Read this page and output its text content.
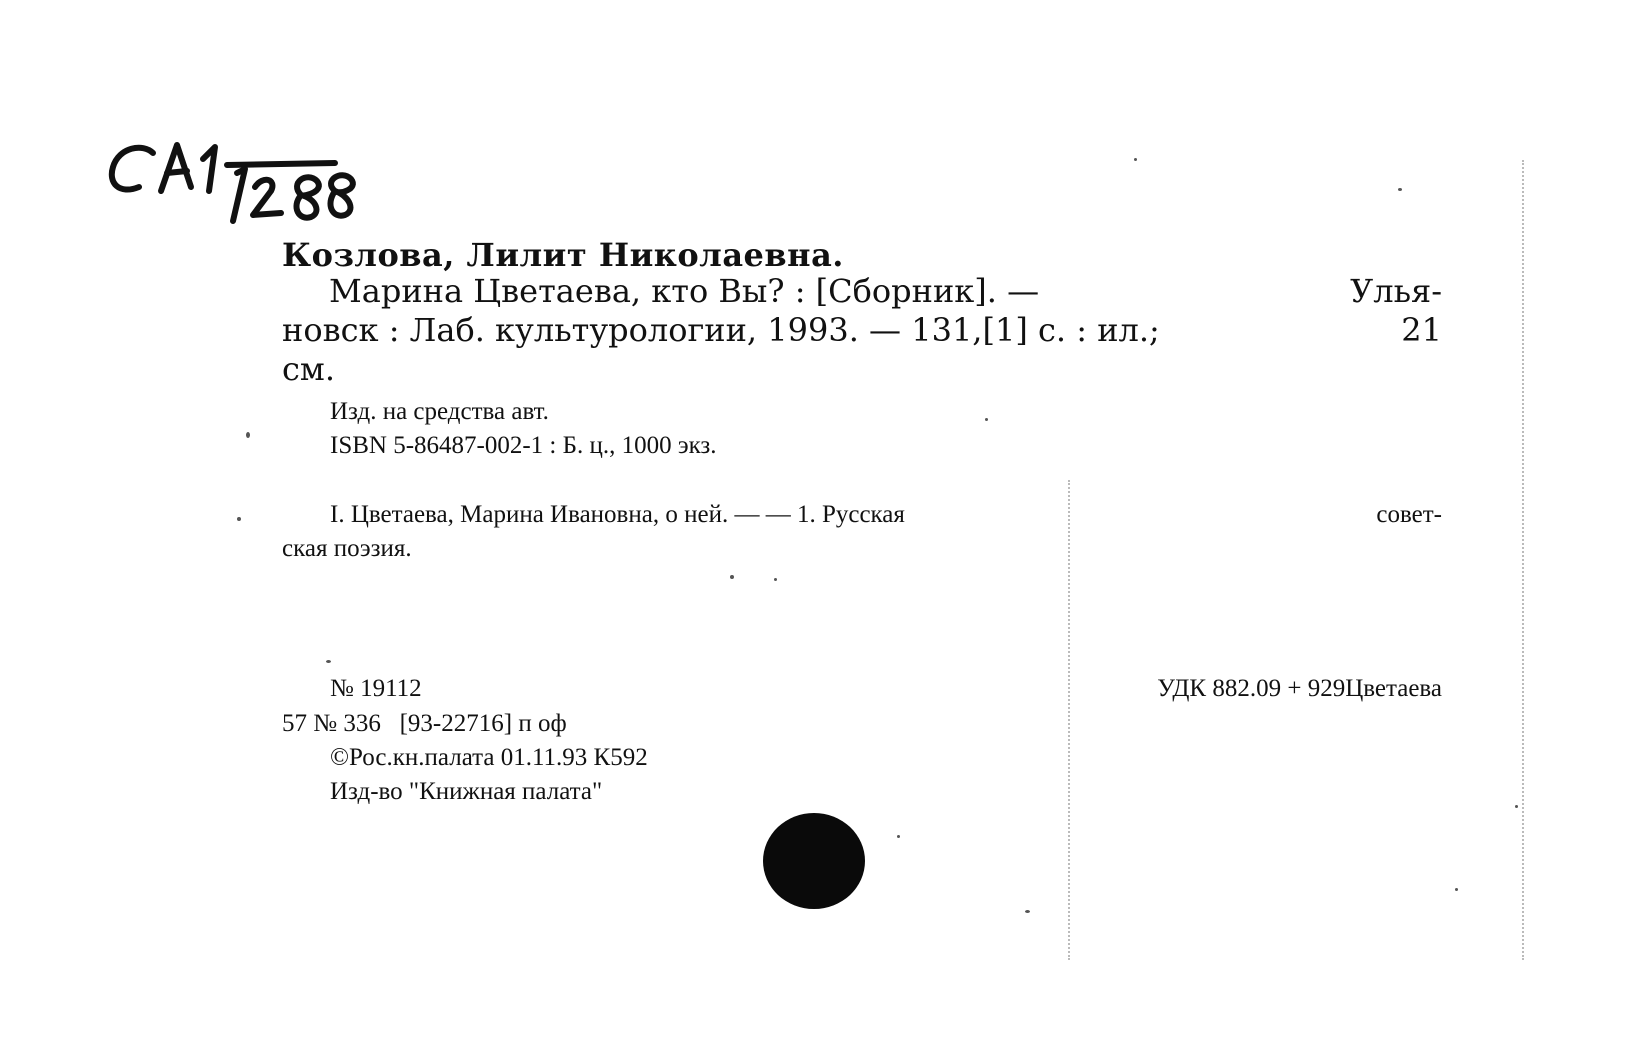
Козлова, Лилит Николаевна.
Марина Цветаева, кто Вы? : [Сборник]. —	Улья-
новск : Лаб. культурологии, 1993. — 131,[1] с. : ил.;	21
см.
Изд. на средства авт.
ISBN 5-86487-002-1 : Б. ц., 1000 экз.
I. Цветаева, Марина Ивановна, о ней. — — 1. Русская	совет-
ская поэзия.
№ 19112
57 № 336   [93-22716] п оф
©Рос.кн.палата 01.11.93 К592
Изд-во "Книжная палата"
УДК 882.09 + 929Цветаева
